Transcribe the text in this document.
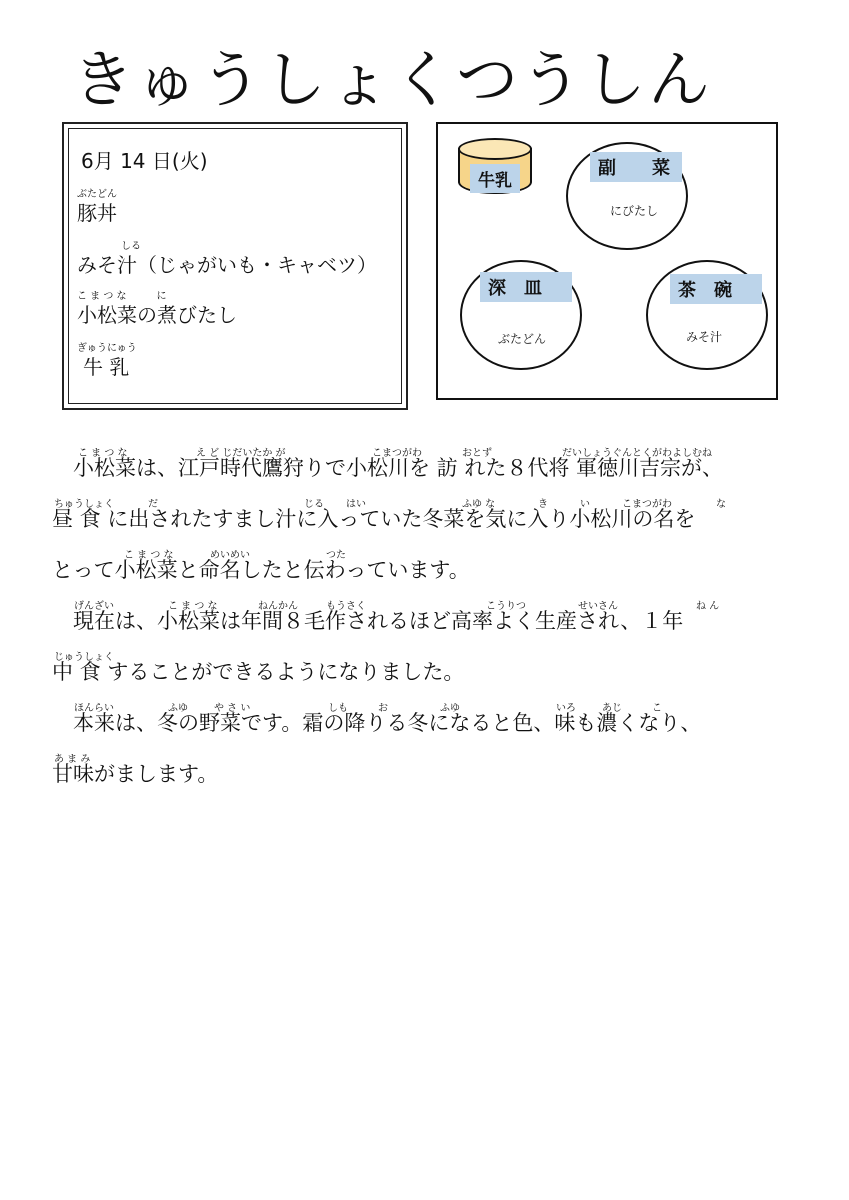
きゅうしょくつうしん
6月 14 日(火)
ぶたどん
豚丼
しる
みそ汁（じゃがいも・キャベツ）
こ ま つ な　　　に
小松菜の煮びたし
ぎゅうにゅう
牛 乳
牛乳
副　　菜
にびたし
深　皿
ぶたどん
茶　碗
みそ汁
　小松菜は、江戸時代鷹狩りで小松川を 訪 れた８代将 軍徳川吉宗が、
昼 食 に出されたすまし汁に入っていた冬菜を気に入り小松川の名を
とって小松菜と命名したと伝わっています。
　現在は、小松菜は年間８毛作されるほど高率よく生産され、１年
中 食 することができるようになりました。
　本来は、冬の野菜です。霜の降りる冬になると色、味も濃くなり、
甘味がまします。
こ ま つ な	え ど じだいたか が	こまつがわ	おとず	だいしょうぐんとくがわよしむね
ちゅうしょく	だ	じる はい	ふゆ な	き	い	こまつがわ	な
こ ま つ な	めいめい	つた
げんざい	こ ま つ な	ねんかん	もうさく	こうりつ	せいさん	ね ん
じゅうしょく
ほんらい	ふゆ	や さ い	しも	お	ふゆ	いろ	あじ	こ
あ ま み
